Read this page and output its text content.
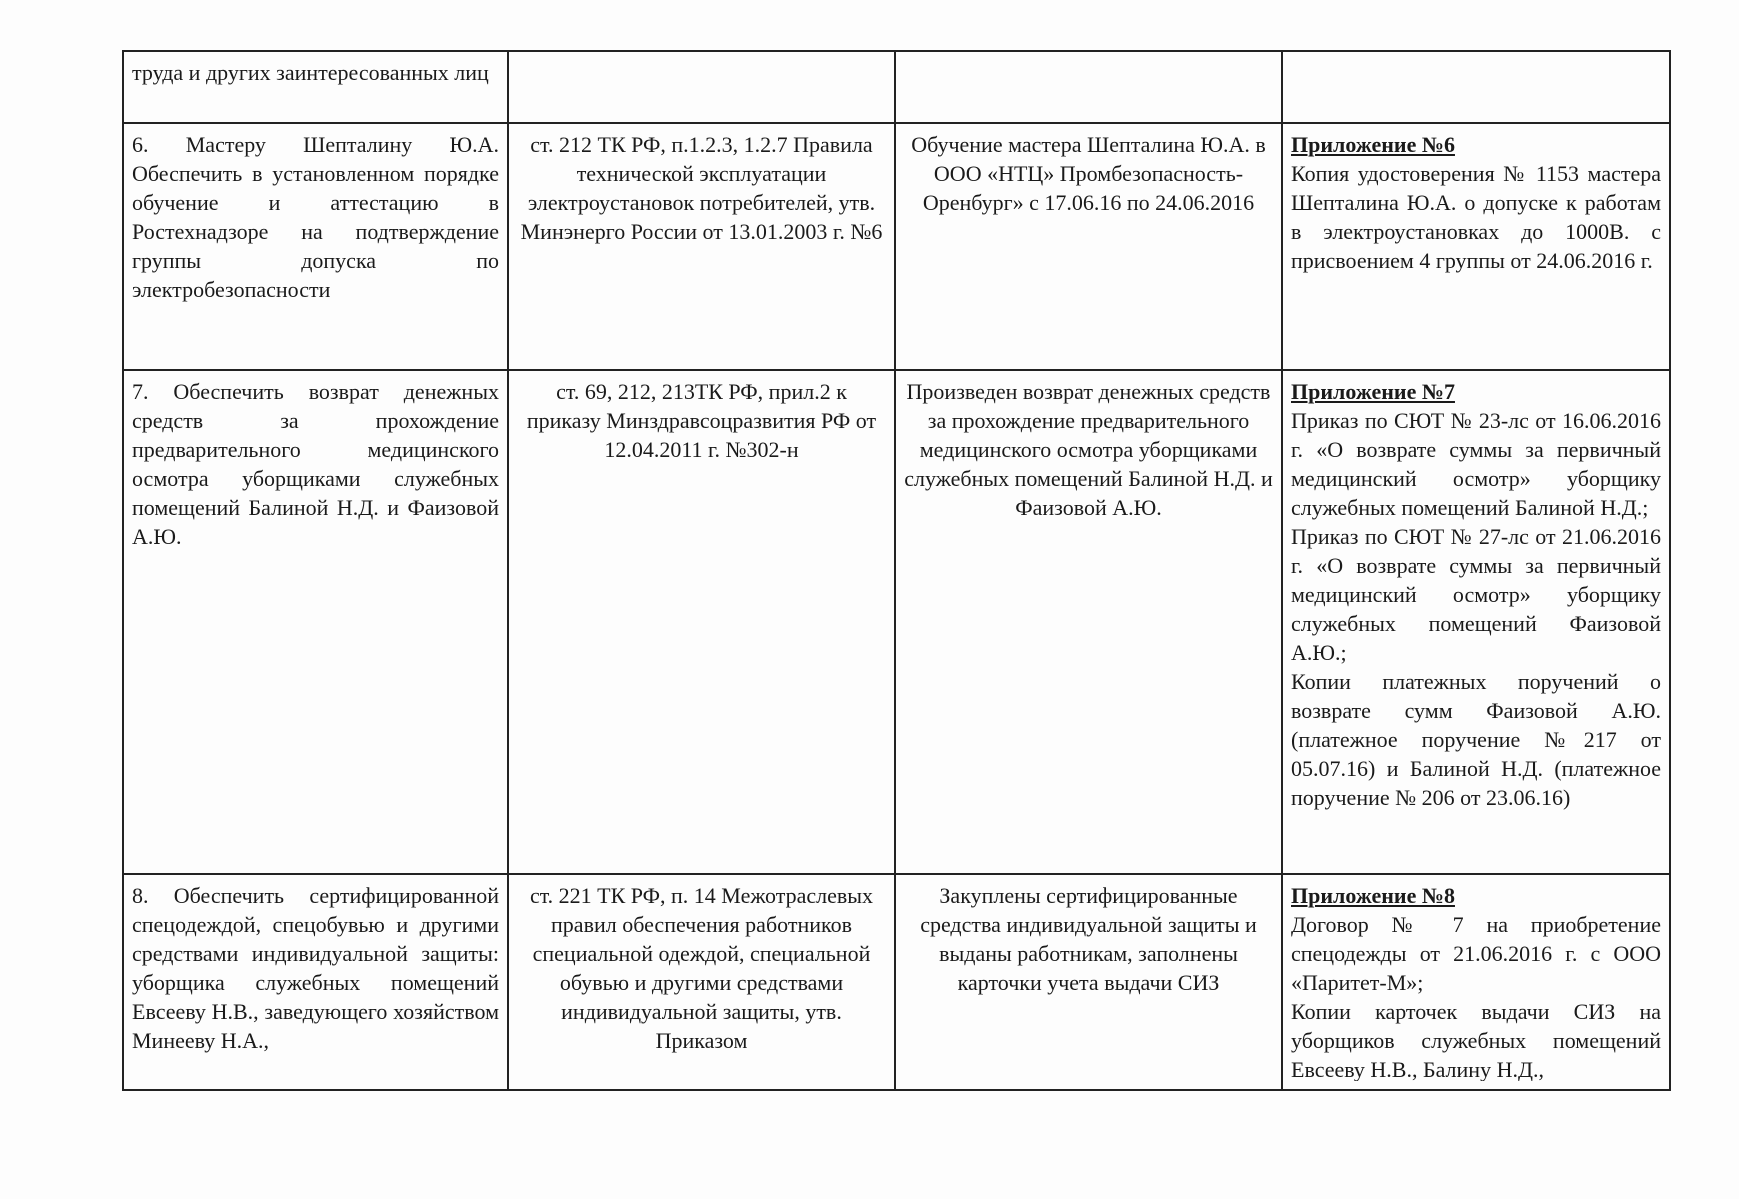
труда и других заинтересованных лиц			

6. Мастеру Шепталину Ю.А. Обеспечить в установленном порядке обучение и аттестацию в Ростехнадзоре на подтверждение группы допуска по электробезопасности	ст. 212 ТК РФ, п.1.2.3, 1.2.7 Правила технической эксплуатации электроустановок потребителей, утв. Минэнерго России от 13.01.2003 г. №6	Обучение мастера Шепталина Ю.А. в ООО «НТЦ» Промбезопасность-Оренбург» с 17.06.16 по 24.06.2016	Приложение №6
Копия удостоверения № 1153 мастера Шепталина Ю.А. о допуске к работам в электроустановках до 1000В. с присвоением 4 группы от 24.06.2016 г.

7. Обеспечить возврат денежных средств за прохождение предварительного медицинского осмотра уборщиками служебных помещений Балиной Н.Д. и Фаизовой А.Ю.	ст. 69, 212, 213ТК РФ, прил.2 к приказу Минздравсоцразвития РФ от 12.04.2011 г. №302-н	Произведен возврат денежных средств за прохождение предварительного медицинского осмотра уборщиками служебных помещений Балиной Н.Д. и Фаизовой А.Ю.	Приложение №7
Приказ по СЮТ № 23-лс от 16.06.2016 г. «О возврате суммы за первичный медицинский осмотр» уборщику служебных помещений Балиной Н.Д.;
Приказ по СЮТ № 27-лс от 21.06.2016 г. «О возврате суммы за первичный медицинский осмотр» уборщику служебных помещений Фаизовой А.Ю.;
Копии платежных поручений о возврате сумм Фаизовой А.Ю. (платежное поручение №217 от 05.07.16) и Балиной Н.Д. (платежное поручение № 206 от 23.06.16)

8. Обеспечить сертифицированной спецодеждой, спецобувью и другими средствами индивидуальной защиты: уборщика служебных помещений Евсееву Н.В., заведующего хозяйством Минееву Н.А.,	ст. 221 ТК РФ, п. 14 Межотраслевых правил обеспечения работников специальной одеждой, специальной обувью и другими средствами индивидуальной защиты, утв. Приказом	Закуплены сертифицированные средства индивидуальной защиты и выданы работникам, заполнены карточки учета выдачи СИЗ	Приложение №8
Договор № 7 на приобретение спецодежды от 21.06.2016 г. с ООО «Паритет-М»;
Копии карточек выдачи СИЗ на уборщиков служебных помещений Евсееву Н.В., Балину Н.Д.,
